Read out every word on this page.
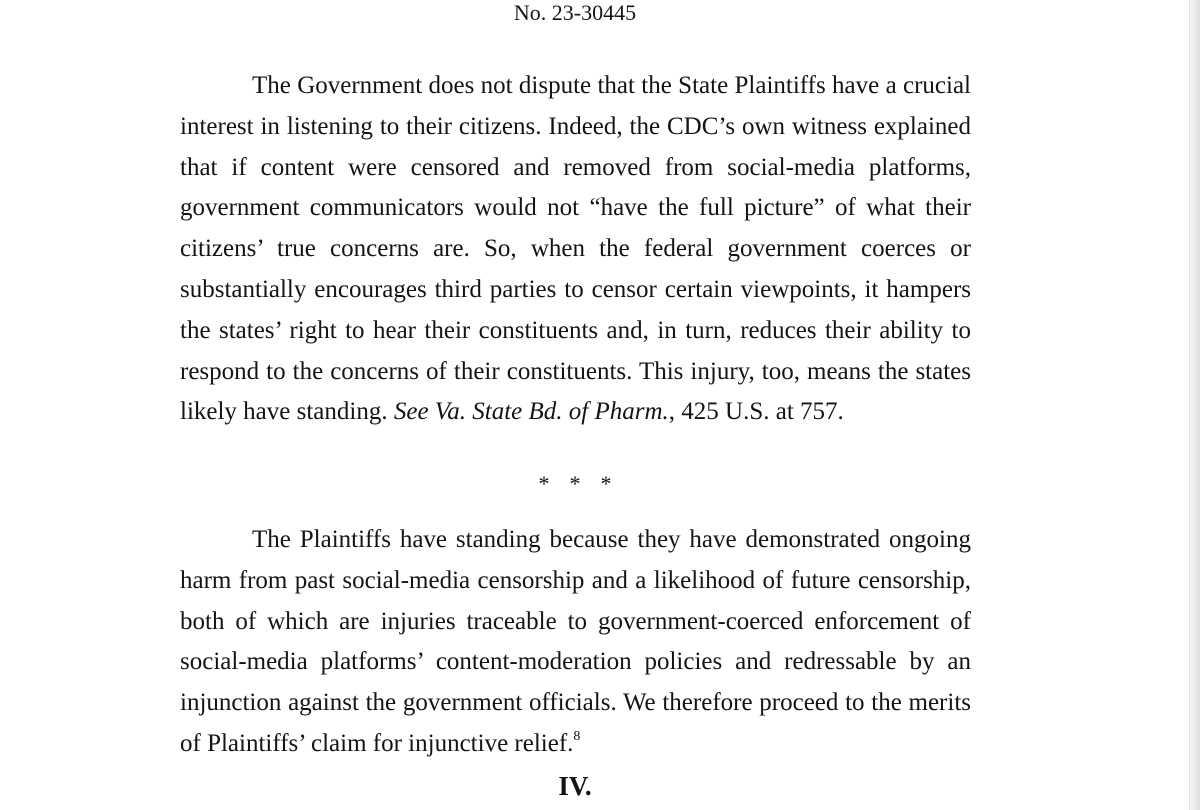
No. 23-30445

The Government does not dispute that the State Plaintiffs have a crucial interest in listening to their citizens. Indeed, the CDC’s own witness explained that if content were censored and removed from social-media platforms, government communicators would not “have the full picture” of what their citizens’ true concerns are. So, when the federal government coerces or substantially encourages third parties to censor certain viewpoints, it hampers the states’ right to hear their constituents and, in turn, reduces their ability to respond to the concerns of their constituents. This injury, too, means the states likely have standing. See Va. State Bd. of Pharm., 425 U.S. at 757.

* * *

The Plaintiffs have standing because they have demonstrated ongoing harm from past social-media censorship and a likelihood of future censorship, both of which are injuries traceable to government-coerced enforcement of social-media platforms’ content-moderation policies and redressable by an injunction against the government officials. We therefore proceed to the merits of Plaintiffs’ claim for injunctive relief.$^8$

IV.
